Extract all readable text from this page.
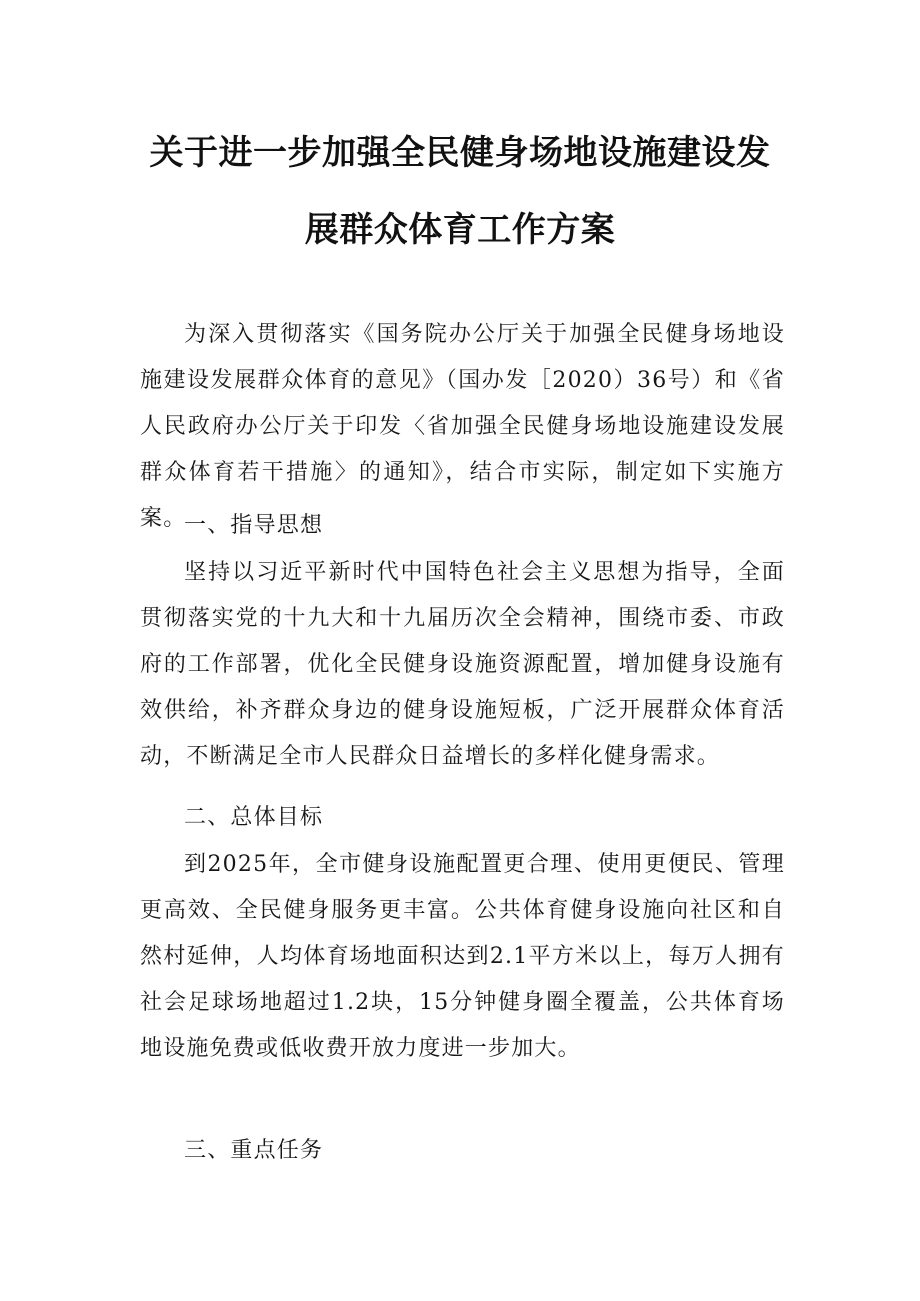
关于进一步加强全民健身场地设施建设发
展群众体育工作方案

为深入贯彻落实《国务院办公厅关于加强全民健身场地设施建设发展群众体育的意见》（国办发［2020）36号）和《省人民政府办公厅关于印发〈省加强全民健身场地设施建设发展群众体育若干措施〉的通知》，结合市实际，制定如下实施方案。

一、指导思想

坚持以习近平新时代中国特色社会主义思想为指导，全面贯彻落实党的十九大和十九届历次全会精神，围绕市委、市政府的工作部署，优化全民健身设施资源配置，增加健身设施有效供给，补齐群众身边的健身设施短板，广泛开展群众体育活动，不断满足全市人民群众日益增长的多样化健身需求。

二、总体目标

到2025年，全市健身设施配置更合理、使用更便民、管理更高效、全民健身服务更丰富。公共体育健身设施向社区和自然村延伸，人均体育场地面积达到2.1平方米以上，每万人拥有社会足球场地超过1.2块，15分钟健身圈全覆盖，公共体育场地设施免费或低收费开放力度进一步加大。

三、重点任务
